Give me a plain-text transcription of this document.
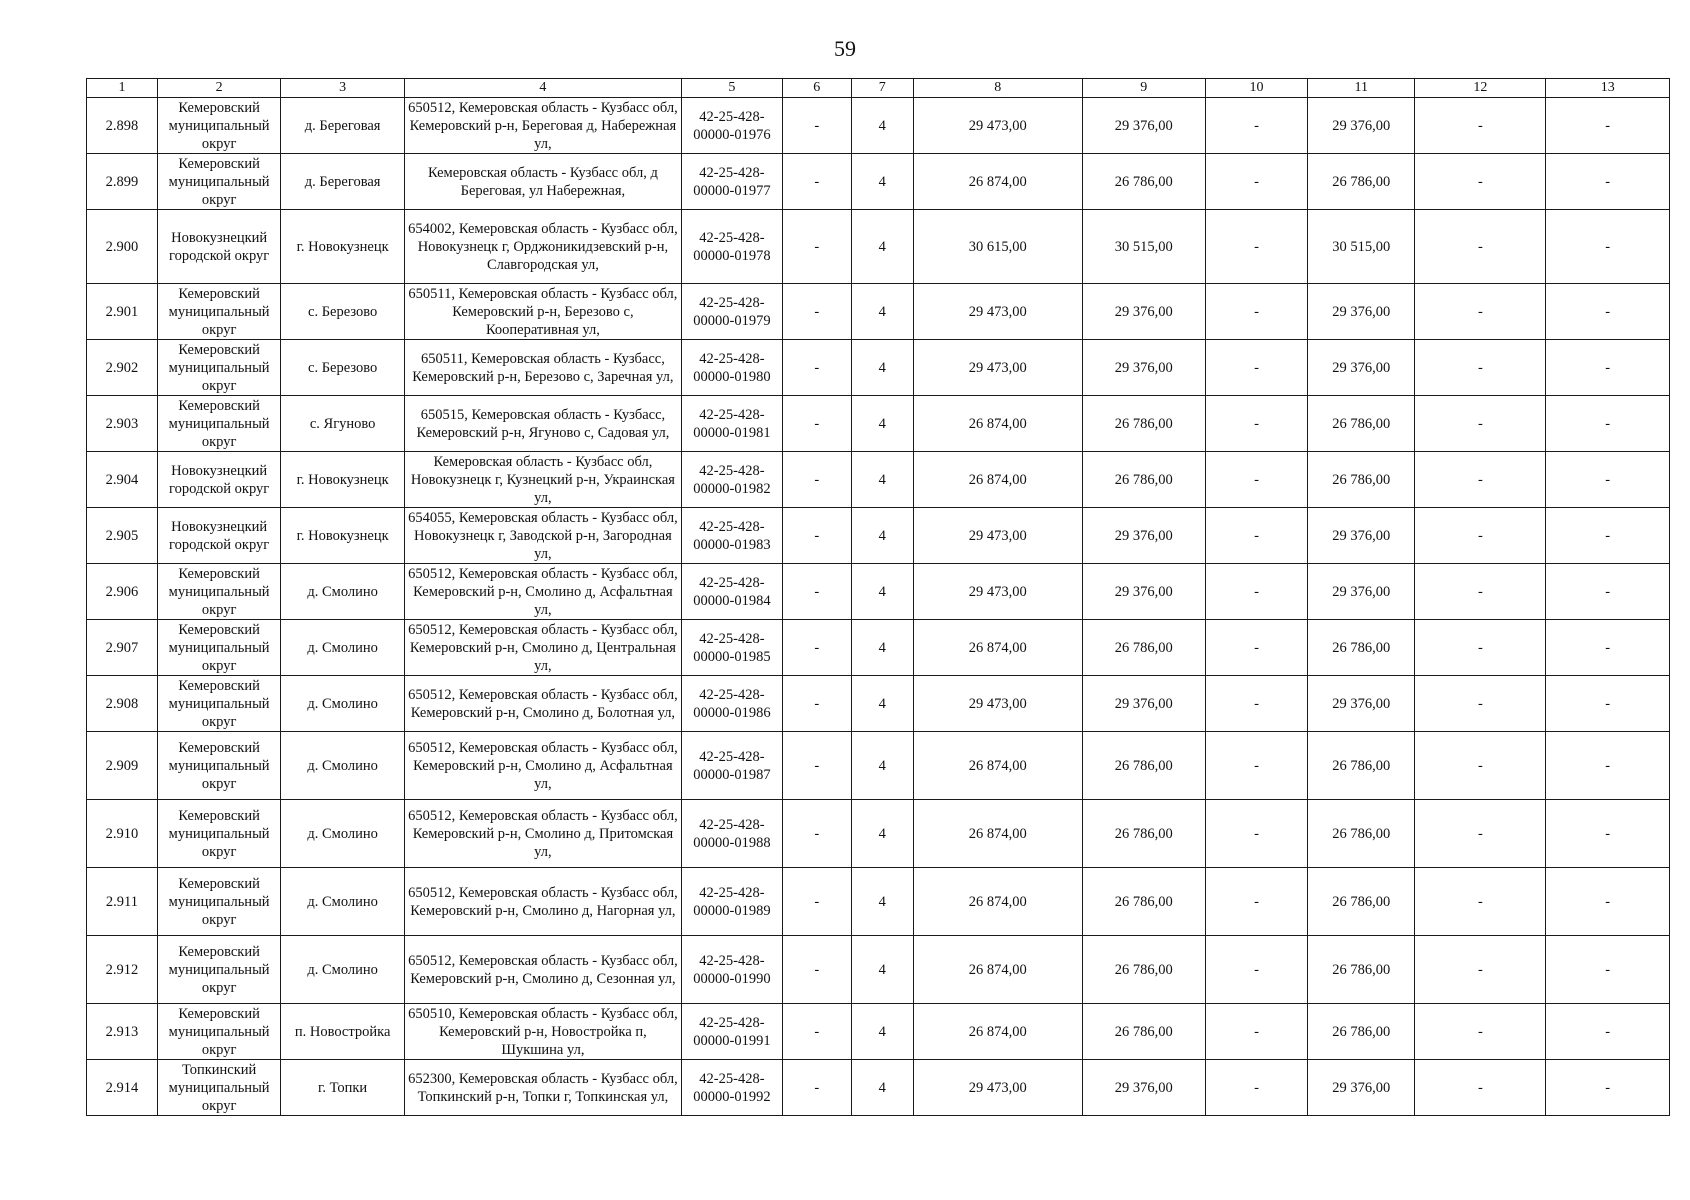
59
1	2	3	4	5	6	7	8	9	10	11	12	13
2.898	Кемеровский муниципальный округ	д. Береговая	650512, Кемеровская область - Кузбасс обл, Кемеровский р-н, Береговая д, Набережная ул,	42-25-428-00000-01976	-	4	29 473,00	29 376,00	-	29 376,00	-	-
2.899	Кемеровский муниципальный округ	д. Береговая	Кемеровская область - Кузбасс обл, д Береговая, ул Набережная,	42-25-428-00000-01977	-	4	26 874,00	26 786,00	-	26 786,00	-	-
2.900	Новокузнецкий городской округ	г. Новокузнецк	654002, Кемеровская область - Кузбасс обл, Новокузнецк г, Орджоникидзевский р-н, Славгородская ул,	42-25-428-00000-01978	-	4	30 615,00	30 515,00	-	30 515,00	-	-
2.901	Кемеровский муниципальный округ	с. Березово	650511, Кемеровская область - Кузбасс обл, Кемеровский р-н, Березово с, Кооперативная ул,	42-25-428-00000-01979	-	4	29 473,00	29 376,00	-	29 376,00	-	-
2.902	Кемеровский муниципальный округ	с. Березово	650511, Кемеровская область - Кузбасс, Кемеровский р-н, Березово с, Заречная ул,	42-25-428-00000-01980	-	4	29 473,00	29 376,00	-	29 376,00	-	-
2.903	Кемеровский муниципальный округ	с. Ягуново	650515, Кемеровская область - Кузбасс, Кемеровский р-н, Ягуново с, Садовая ул,	42-25-428-00000-01981	-	4	26 874,00	26 786,00	-	26 786,00	-	-
2.904	Новокузнецкий городской округ	г. Новокузнецк	Кемеровская область - Кузбасс обл, Новокузнецк г, Кузнецкий р-н, Украинская ул,	42-25-428-00000-01982	-	4	26 874,00	26 786,00	-	26 786,00	-	-
2.905	Новокузнецкий городской округ	г. Новокузнецк	654055, Кемеровская область - Кузбасс обл, Новокузнецк г, Заводской р-н, Загородная ул,	42-25-428-00000-01983	-	4	29 473,00	29 376,00	-	29 376,00	-	-
2.906	Кемеровский муниципальный округ	д. Смолино	650512, Кемеровская область - Кузбасс обл, Кемеровский р-н, Смолино д, Асфальтная ул,	42-25-428-00000-01984	-	4	29 473,00	29 376,00	-	29 376,00	-	-
2.907	Кемеровский муниципальный округ	д. Смолино	650512, Кемеровская область - Кузбасс обл, Кемеровский р-н, Смолино д, Центральная ул,	42-25-428-00000-01985	-	4	26 874,00	26 786,00	-	26 786,00	-	-
2.908	Кемеровский муниципальный округ	д. Смолино	650512, Кемеровская область - Кузбасс обл, Кемеровский р-н, Смолино д, Болотная ул,	42-25-428-00000-01986	-	4	29 473,00	29 376,00	-	29 376,00	-	-
2.909	Кемеровский муниципальный округ	д. Смолино	650512, Кемеровская область - Кузбасс обл, Кемеровский р-н, Смолино д, Асфальтная ул,	42-25-428-00000-01987	-	4	26 874,00	26 786,00	-	26 786,00	-	-
2.910	Кемеровский муниципальный округ	д. Смолино	650512, Кемеровская область - Кузбасс обл, Кемеровский р-н, Смолино д, Притомская ул,	42-25-428-00000-01988	-	4	26 874,00	26 786,00	-	26 786,00	-	-
2.911	Кемеровский муниципальный округ	д. Смолино	650512, Кемеровская область - Кузбасс обл, Кемеровский р-н, Смолино д, Нагорная ул,	42-25-428-00000-01989	-	4	26 874,00	26 786,00	-	26 786,00	-	-
2.912	Кемеровский муниципальный округ	д. Смолино	650512, Кемеровская область - Кузбасс обл, Кемеровский р-н, Смолино д, Сезонная ул,	42-25-428-00000-01990	-	4	26 874,00	26 786,00	-	26 786,00	-	-
2.913	Кемеровский муниципальный округ	п. Новостройка	650510, Кемеровская область - Кузбасс обл, Кемеровский р-н, Новостройка п, Шукшина ул,	42-25-428-00000-01991	-	4	26 874,00	26 786,00	-	26 786,00	-	-
2.914	Топкинский муниципальный округ	г. Топки	652300, Кемеровская область - Кузбасс обл, Топкинский р-н, Топки г, Топкинская ул,	42-25-428-00000-01992	-	4	29 473,00	29 376,00	-	29 376,00	-	-
